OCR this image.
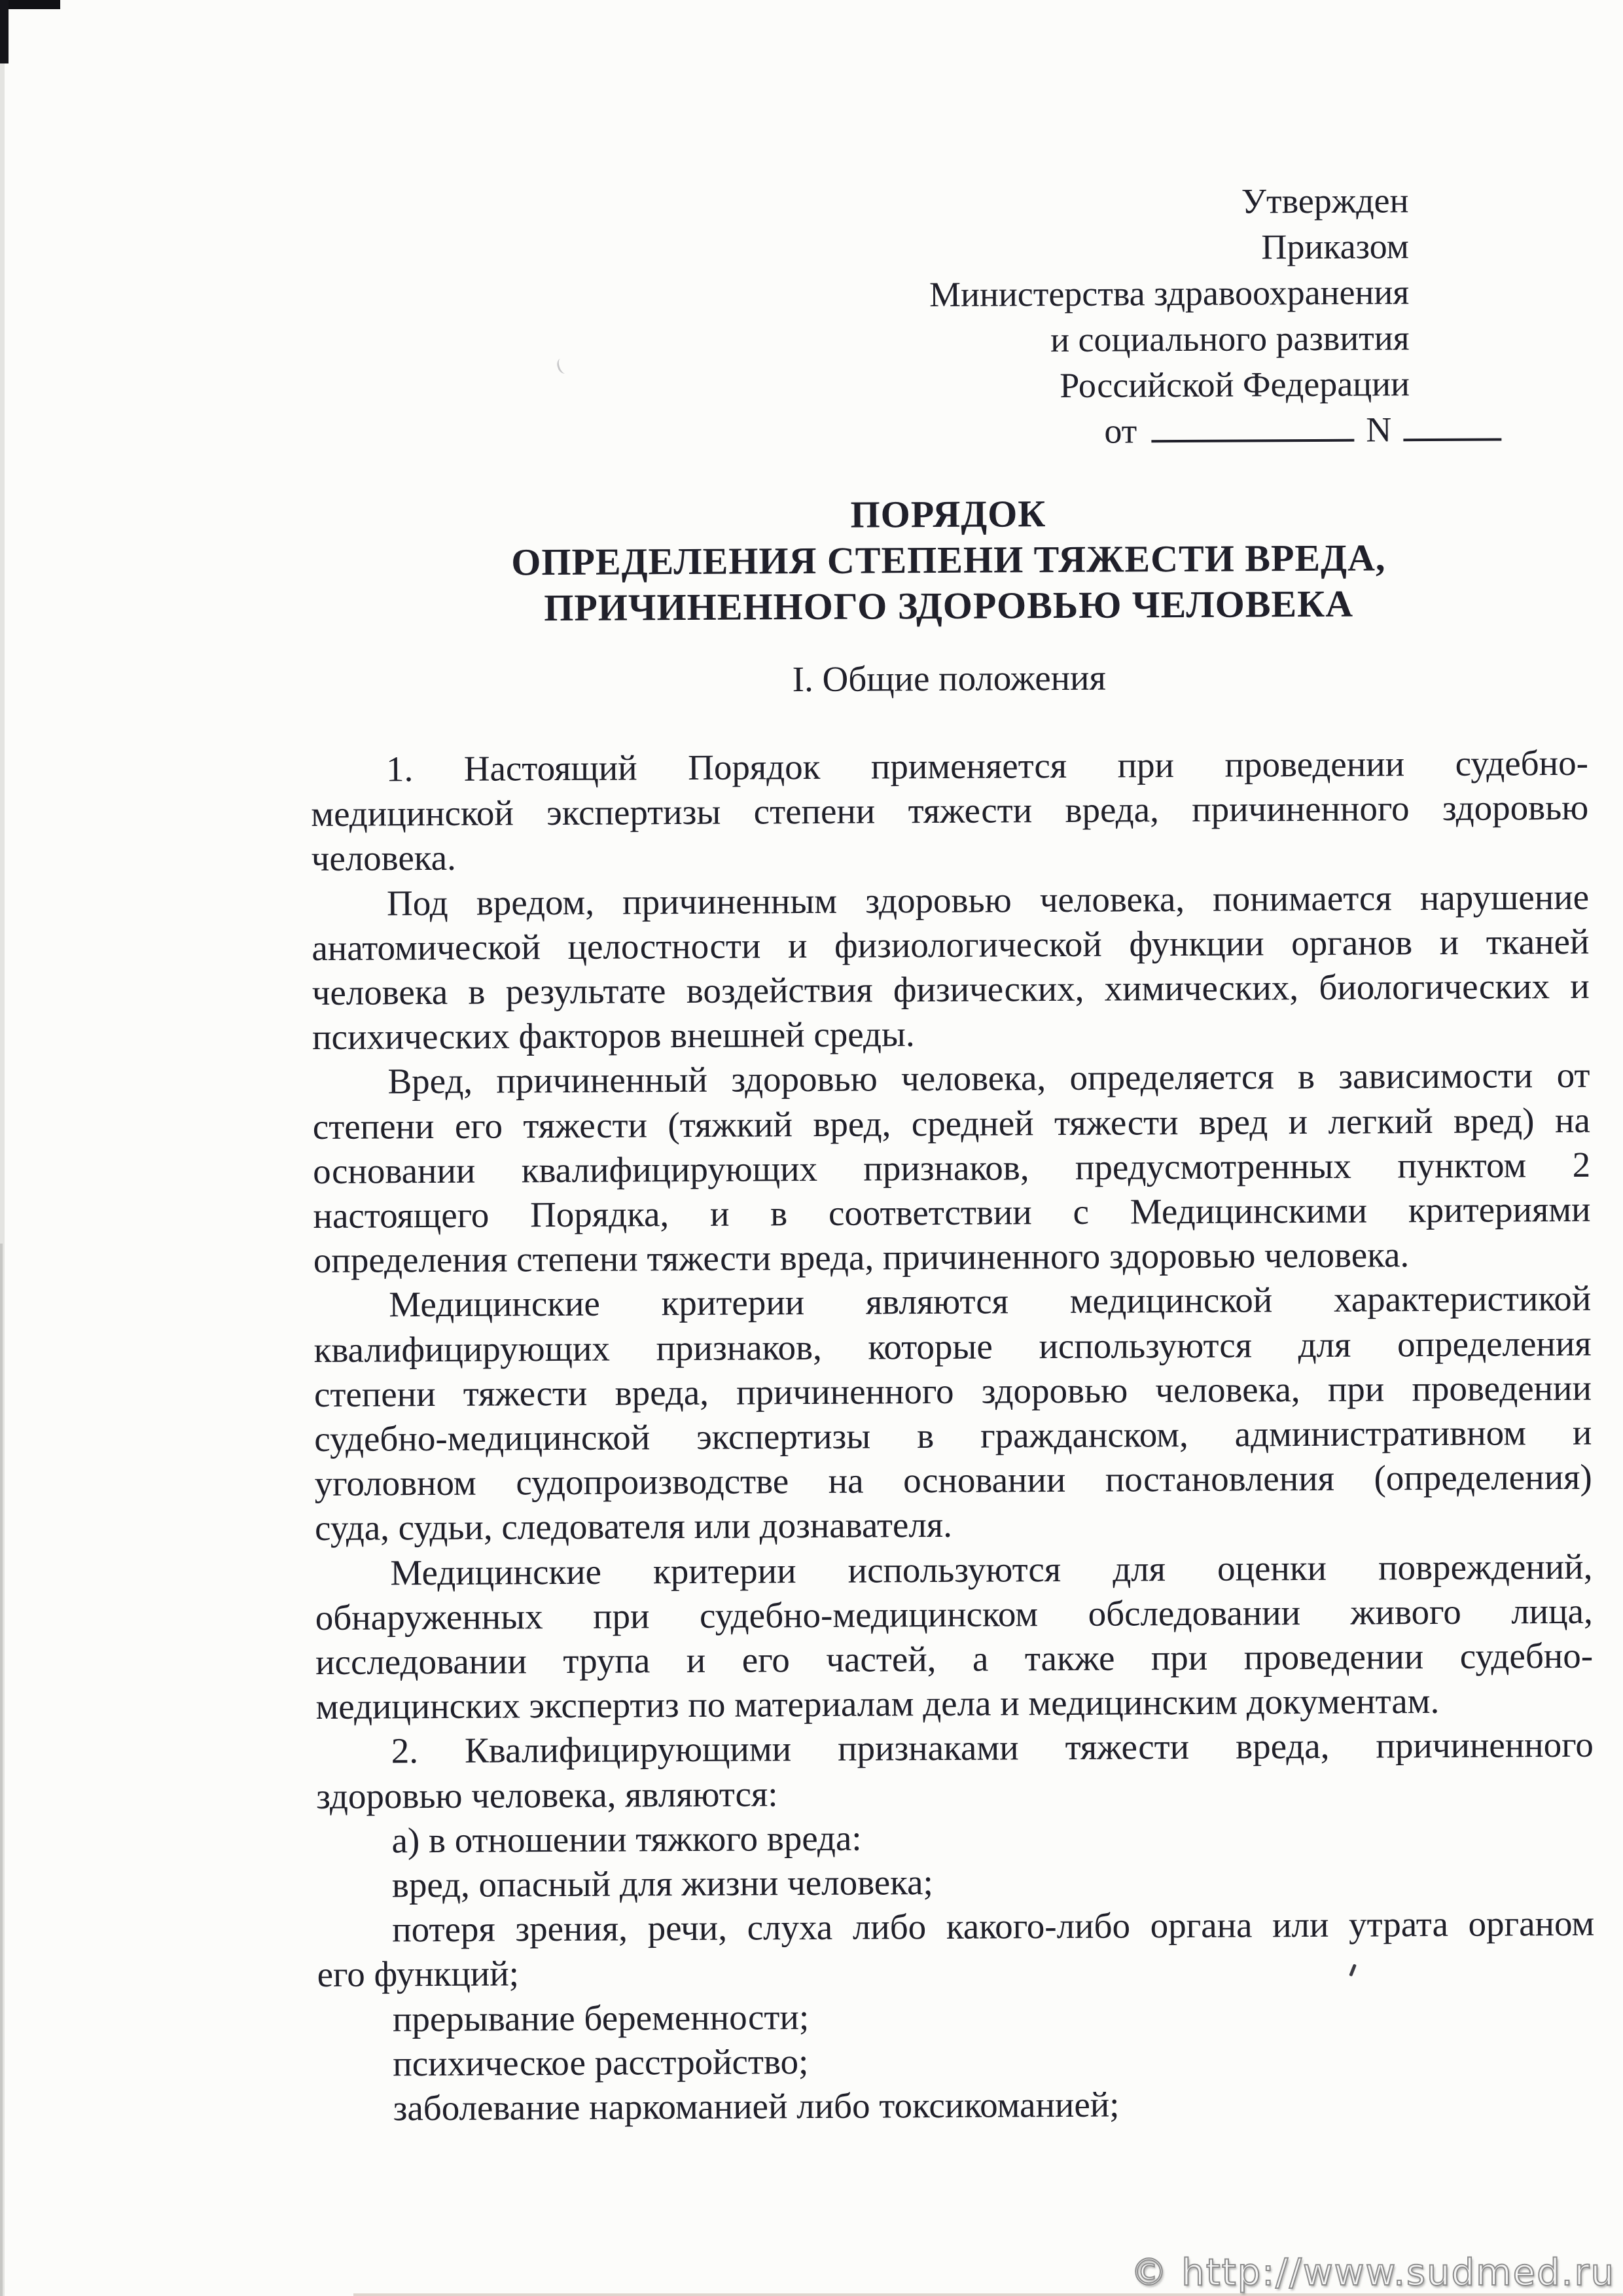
Утвержден
Приказом
Министерства здравоохранения
и социального развития
Российской Федерации
от	N
ПОРЯДОК
ОПРЕДЕЛЕНИЯ СТЕПЕНИ ТЯЖЕСТИ ВРЕДА,
ПРИЧИНЕННОГО ЗДОРОВЬЮ ЧЕЛОВЕКА
I. Общие положения
1. Настоящий Порядок применяется при проведении судебно-
медицинской экспертизы степени тяжести вреда, причиненного здоровью
человека.
Под вредом, причиненным здоровью человека, понимается нарушение
анатомической целостности и физиологической функции органов и тканей
человека в результате воздействия физических, химических, биологических и
психических факторов внешней среды.
Вред, причиненный здоровью человека, определяется в зависимости от
степени его тяжести (тяжкий вред, средней тяжести вред и легкий вред) на
основании квалифицирующих признаков, предусмотренных пунктом 2
настоящего Порядка, и в соответствии с Медицинскими критериями
определения степени тяжести вреда, причиненного здоровью человека.
Медицинские критерии являются медицинской характеристикой
квалифицирующих признаков, которые используются для определения
степени тяжести вреда, причиненного здоровью человека, при проведении
судебно-медицинской экспертизы в гражданском, административном и
уголовном судопроизводстве на основании постановления (определения)
суда, судьи, следователя или дознавателя.
Медицинские критерии используются для оценки повреждений,
обнаруженных при судебно-медицинском обследовании живого лица,
исследовании трупа и его частей, а также при проведении судебно-
медицинских экспертиз по материалам дела и медицинским документам.
2. Квалифицирующими признаками тяжести вреда, причиненного
здоровью человека, являются:
а) в отношении тяжкого вреда:
вред, опасный для жизни человека;
потеря зрения, речи, слуха либо какого-либо органа или утрата органом
его функций;
прерывание беременности;
психическое расстройство;
заболевание наркоманией либо токсикоманией;
© http://www.sudmed.ru
